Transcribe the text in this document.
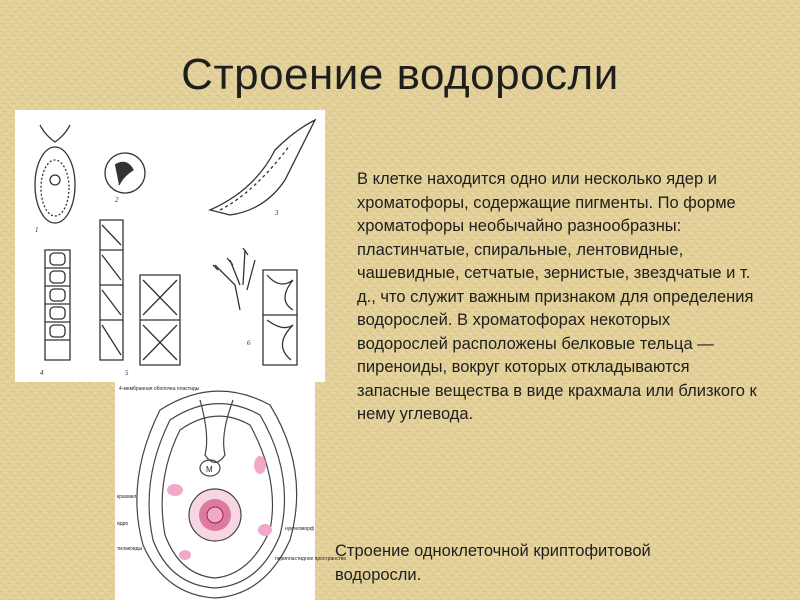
Строение водоросли
1
2
3
4	5
6
М
4-мембранная оболочка пластиды
крахмал
ядро
тилакоиды
нуклеоморф
перипластидное пространство
В клетке находится одно или несколько ядер и хроматофоры, содержащие пигменты. По форме хроматофоры необычайно разнообразны: пластинчатые, спиральные, лентовидные, чашевидные, сетчатые, зернистые, звездчатые и т. д., что служит важным признаком для определения водорослей. В хроматофорах некоторых водорослей расположены белковые тельца — пиреноиды, вокруг которых откладываются запасные вещества в виде крахмала или близкого к нему углевода.
Строение одноклеточной криптофитовой водоросли.
